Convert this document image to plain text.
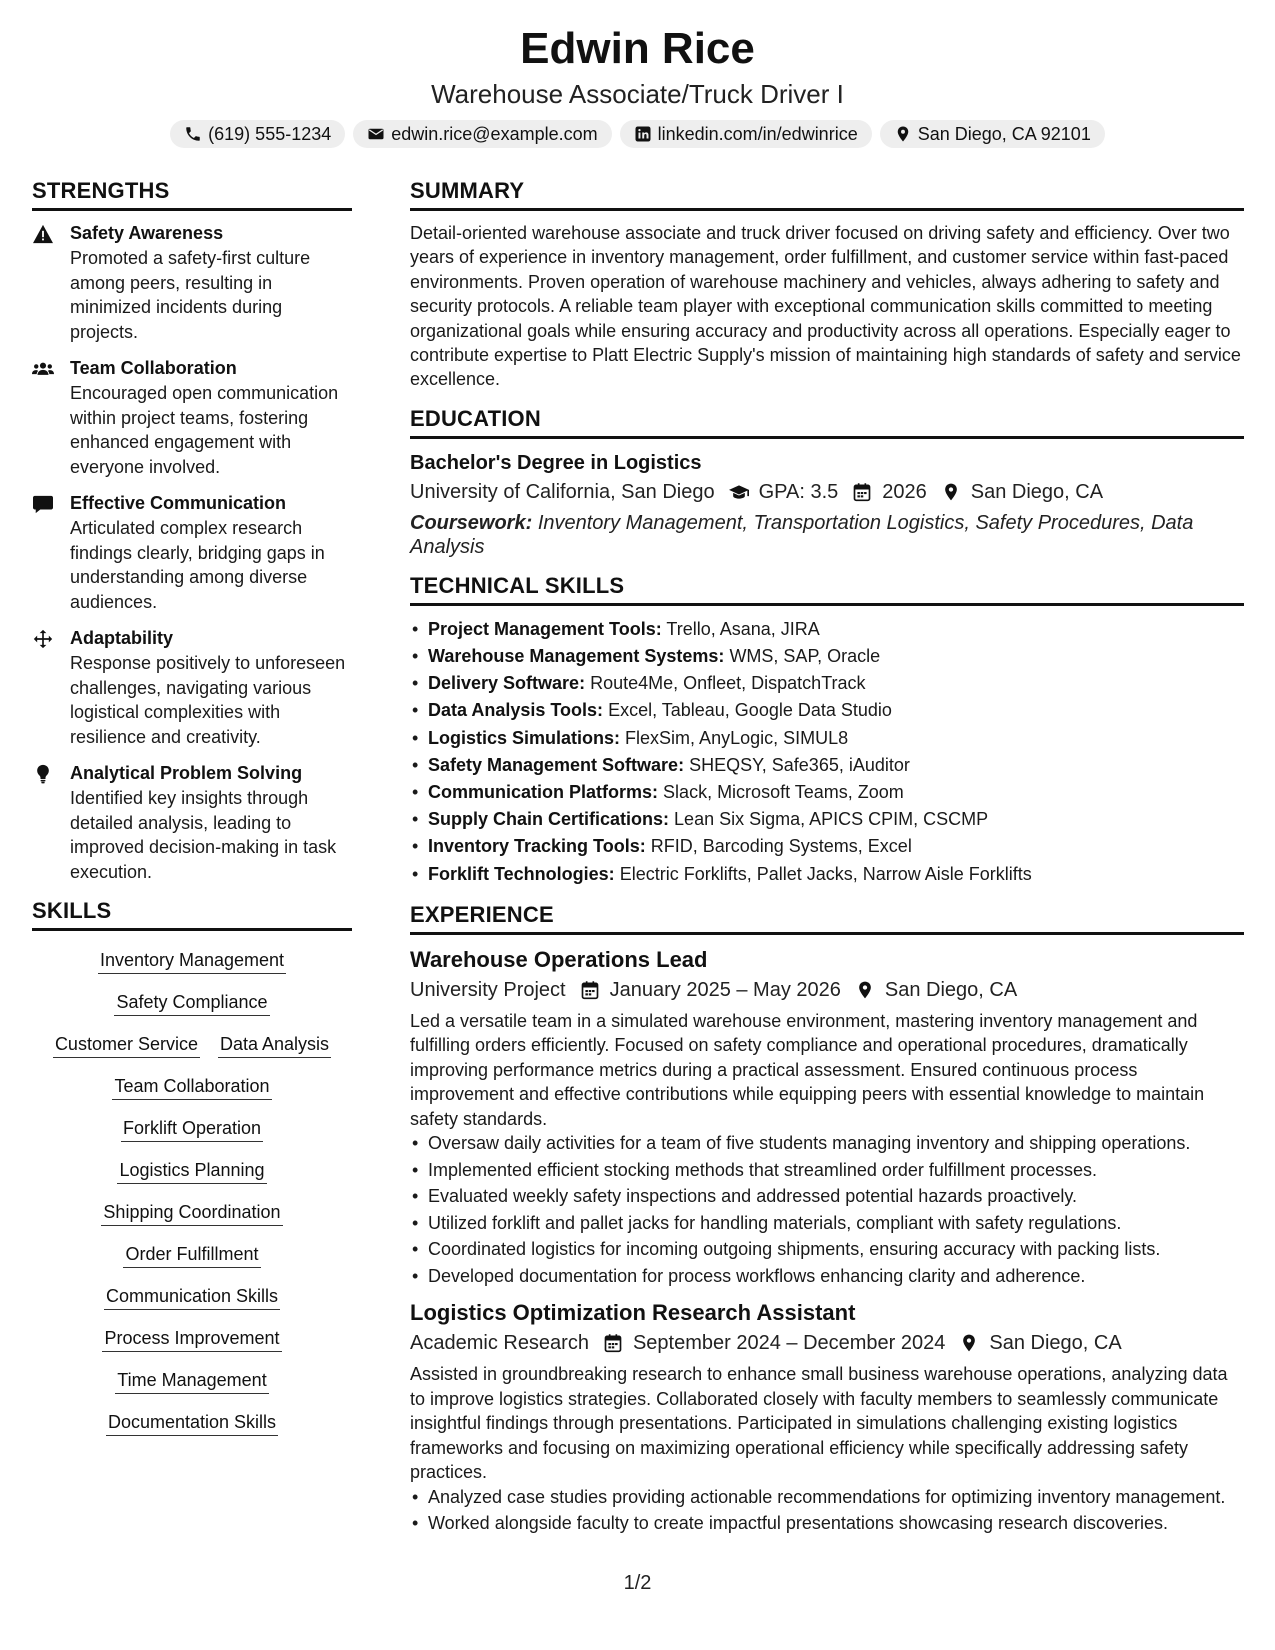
Edwin Rice
Warehouse Associate/Truck Driver I
(619) 555-1234	edwin.rice@example.com	linkedin.com/in/edwinrice	San Diego, CA 92101
STRENGTHS
Safety Awareness
Promoted a safety-first culture among peers, resulting in minimized incidents during projects.
Team Collaboration
Encouraged open communication within project teams, fostering enhanced engagement with everyone involved.
Effective Communication
Articulated complex research findings clearly, bridging gaps in understanding among diverse audiences.
Adaptability
Response positively to unforeseen challenges, navigating various logistical complexities with resilience and creativity.
Analytical Problem Solving
Identified key insights through detailed analysis, leading to improved decision-making in task execution.
SKILLS
Inventory Management
Safety Compliance
Customer Service Data Analysis
Team Collaboration
Forklift Operation
Logistics Planning
Shipping Coordination
Order Fulfillment
Communication Skills
Process Improvement
Time Management
Documentation Skills
SUMMARY
Detail-oriented warehouse associate and truck driver focused on driving safety and efficiency. Over two years of experience in inventory management, order fulfillment, and customer service within fast-paced environments. Proven operation of warehouse machinery and vehicles, always adhering to safety and security protocols. A reliable team player with exceptional communication skills committed to meeting organizational goals while ensuring accuracy and productivity across all operations. Especially eager to contribute expertise to Platt Electric Supply's mission of maintaining high standards of safety and service excellence.
EDUCATION
Bachelor's Degree in Logistics
University of California, San Diego GPA: 3.5 2026 San Diego, CA
Coursework: Inventory Management, Transportation Logistics, Safety Procedures, Data Analysis
TECHNICAL SKILLS
• Project Management Tools: Trello, Asana, JIRA
• Warehouse Management Systems: WMS, SAP, Oracle
• Delivery Software: Route4Me, Onfleet, DispatchTrack
• Data Analysis Tools: Excel, Tableau, Google Data Studio
• Logistics Simulations: FlexSim, AnyLogic, SIMUL8
• Safety Management Software: SHEQSY, Safe365, iAuditor
• Communication Platforms: Slack, Microsoft Teams, Zoom
• Supply Chain Certifications: Lean Six Sigma, APICS CPIM, CSCMP
• Inventory Tracking Tools: RFID, Barcoding Systems, Excel
• Forklift Technologies: Electric Forklifts, Pallet Jacks, Narrow Aisle Forklifts
EXPERIENCE
Warehouse Operations Lead
University Project January 2025 – May 2026 San Diego, CA
Led a versatile team in a simulated warehouse environment, mastering inventory management and fulfilling orders efficiently. Focused on safety compliance and operational procedures, dramatically improving performance metrics during a practical assessment. Ensured continuous process improvement and effective contributions while equipping peers with essential knowledge to maintain safety standards.
• Oversaw daily activities for a team of five students managing inventory and shipping operations.
• Implemented efficient stocking methods that streamlined order fulfillment processes.
• Evaluated weekly safety inspections and addressed potential hazards proactively.
• Utilized forklift and pallet jacks for handling materials, compliant with safety regulations.
• Coordinated logistics for incoming outgoing shipments, ensuring accuracy with packing lists.
• Developed documentation for process workflows enhancing clarity and adherence.
Logistics Optimization Research Assistant
Academic Research September 2024 – December 2024 San Diego, CA
Assisted in groundbreaking research to enhance small business warehouse operations, analyzing data to improve logistics strategies. Collaborated closely with faculty members to seamlessly communicate insightful findings through presentations. Participated in simulations challenging existing logistics frameworks and focusing on maximizing operational efficiency while specifically addressing safety practices.
• Analyzed case studies providing actionable recommendations for optimizing inventory management.
• Worked alongside faculty to create impactful presentations showcasing research discoveries.
1/2
